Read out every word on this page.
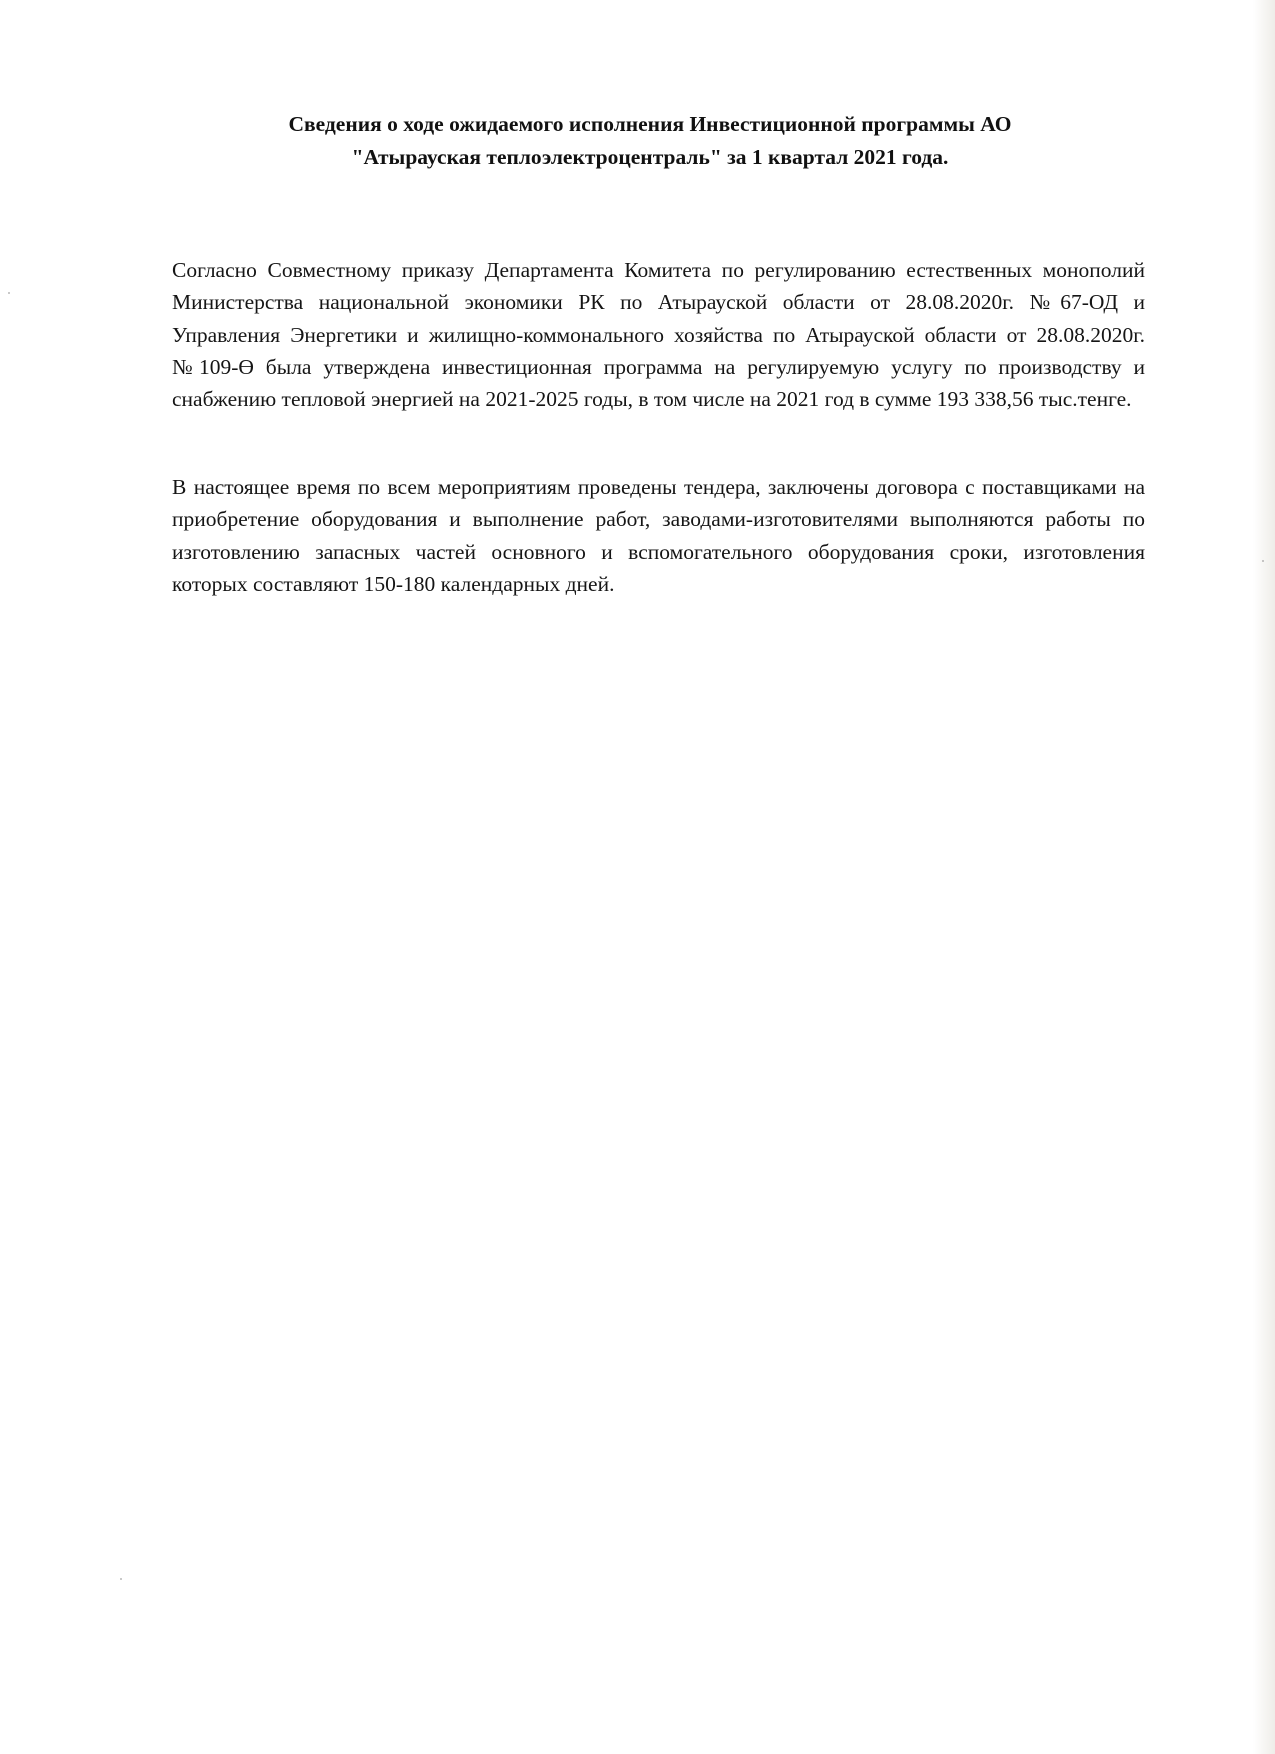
Сведения о ходе ожидаемого исполнения Инвестиционной программы АО
"Атырауская теплоэлектроцентраль" за 1 квартал 2021 года.

Согласно Совместному приказу Департамента Комитета по регулированию естественных монополий Министерства национальной экономики РК по Атырауской области от 28.08.2020г. №67-ОД и Управления Энергетики и жилищно-коммонального хозяйства по Атырауской области от 28.08.2020г. №109-Ө была утверждена инвестиционная программа на регулируемую услугу по производству и снабжению тепловой энергией на 2021-2025 годы, в том числе на 2021 год в сумме 193 338,56 тыс.тенге.

В настоящее время по всем мероприятиям проведены тендера, заключены договора с поставщиками на приобретение оборудования и выполнение работ, заводами-изготовителями выполняются работы по изготовлению запасных частей основного и вспомогательного оборудования сроки, изготовления которых составляют 150-180 календарных дней.
